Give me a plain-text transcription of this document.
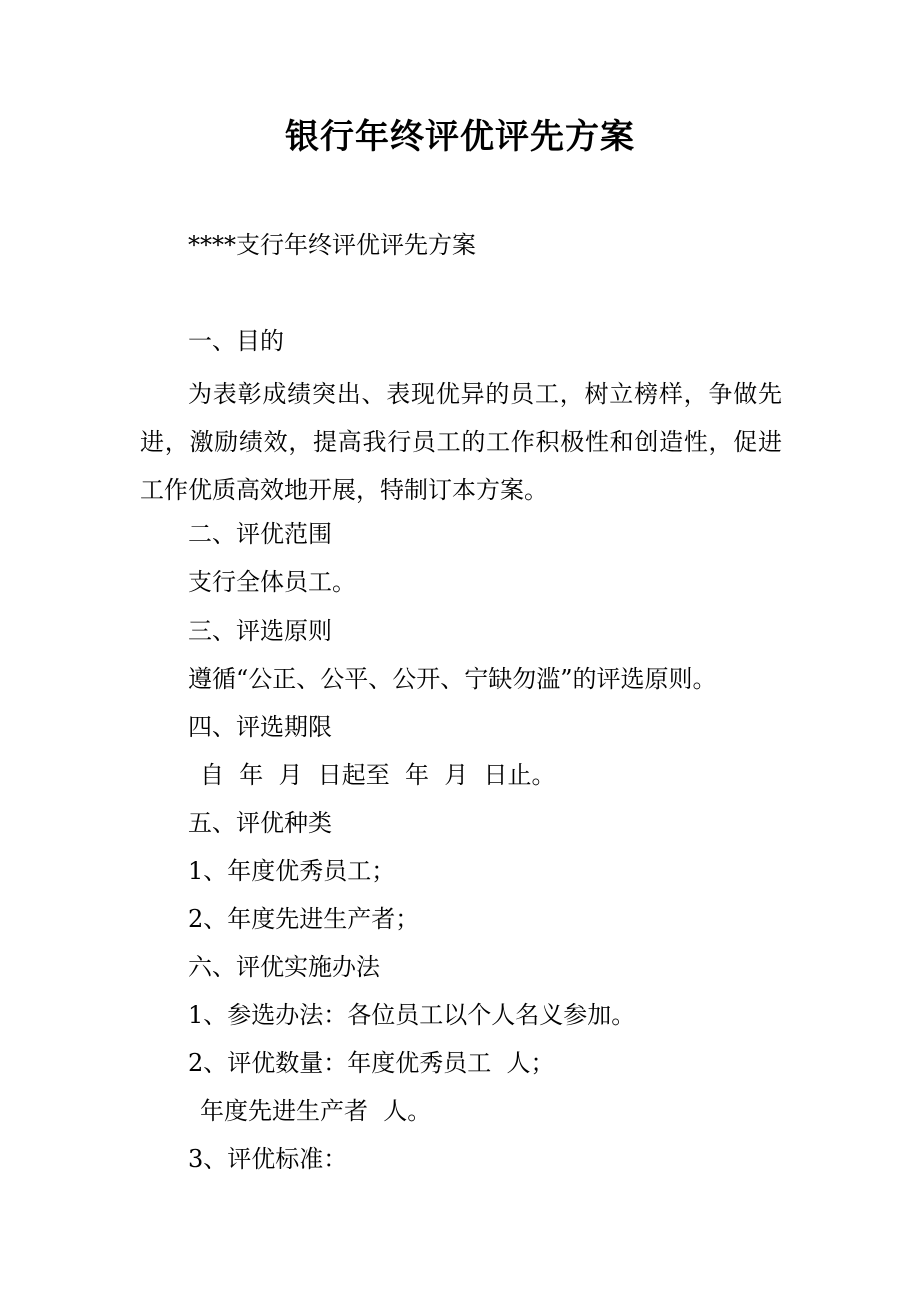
银行年终评优评先方案
****支行年终评优评先方案
一、目的
为表彰成绩突出、表现优异的员工，树立榜样，争做先进，激励绩效，提高我行员工的工作积极性和创造性，促进工作优质高效地开展，特制订本方案。
二、评优范围
支行全体员工。
三、评选原则
遵循“公正、公平、公开、宁缺勿滥”的评选原则。
四、评选期限
自  年  月  日起至  年  月  日止。
五、评优种类
1、年度优秀员工；
2、年度先进生产者；
六、评优实施办法
1、参选办法：各位员工以个人名义参加。
2、评优数量：年度优秀员工  人；
年度先进生产者  人。
3、评优标准：
